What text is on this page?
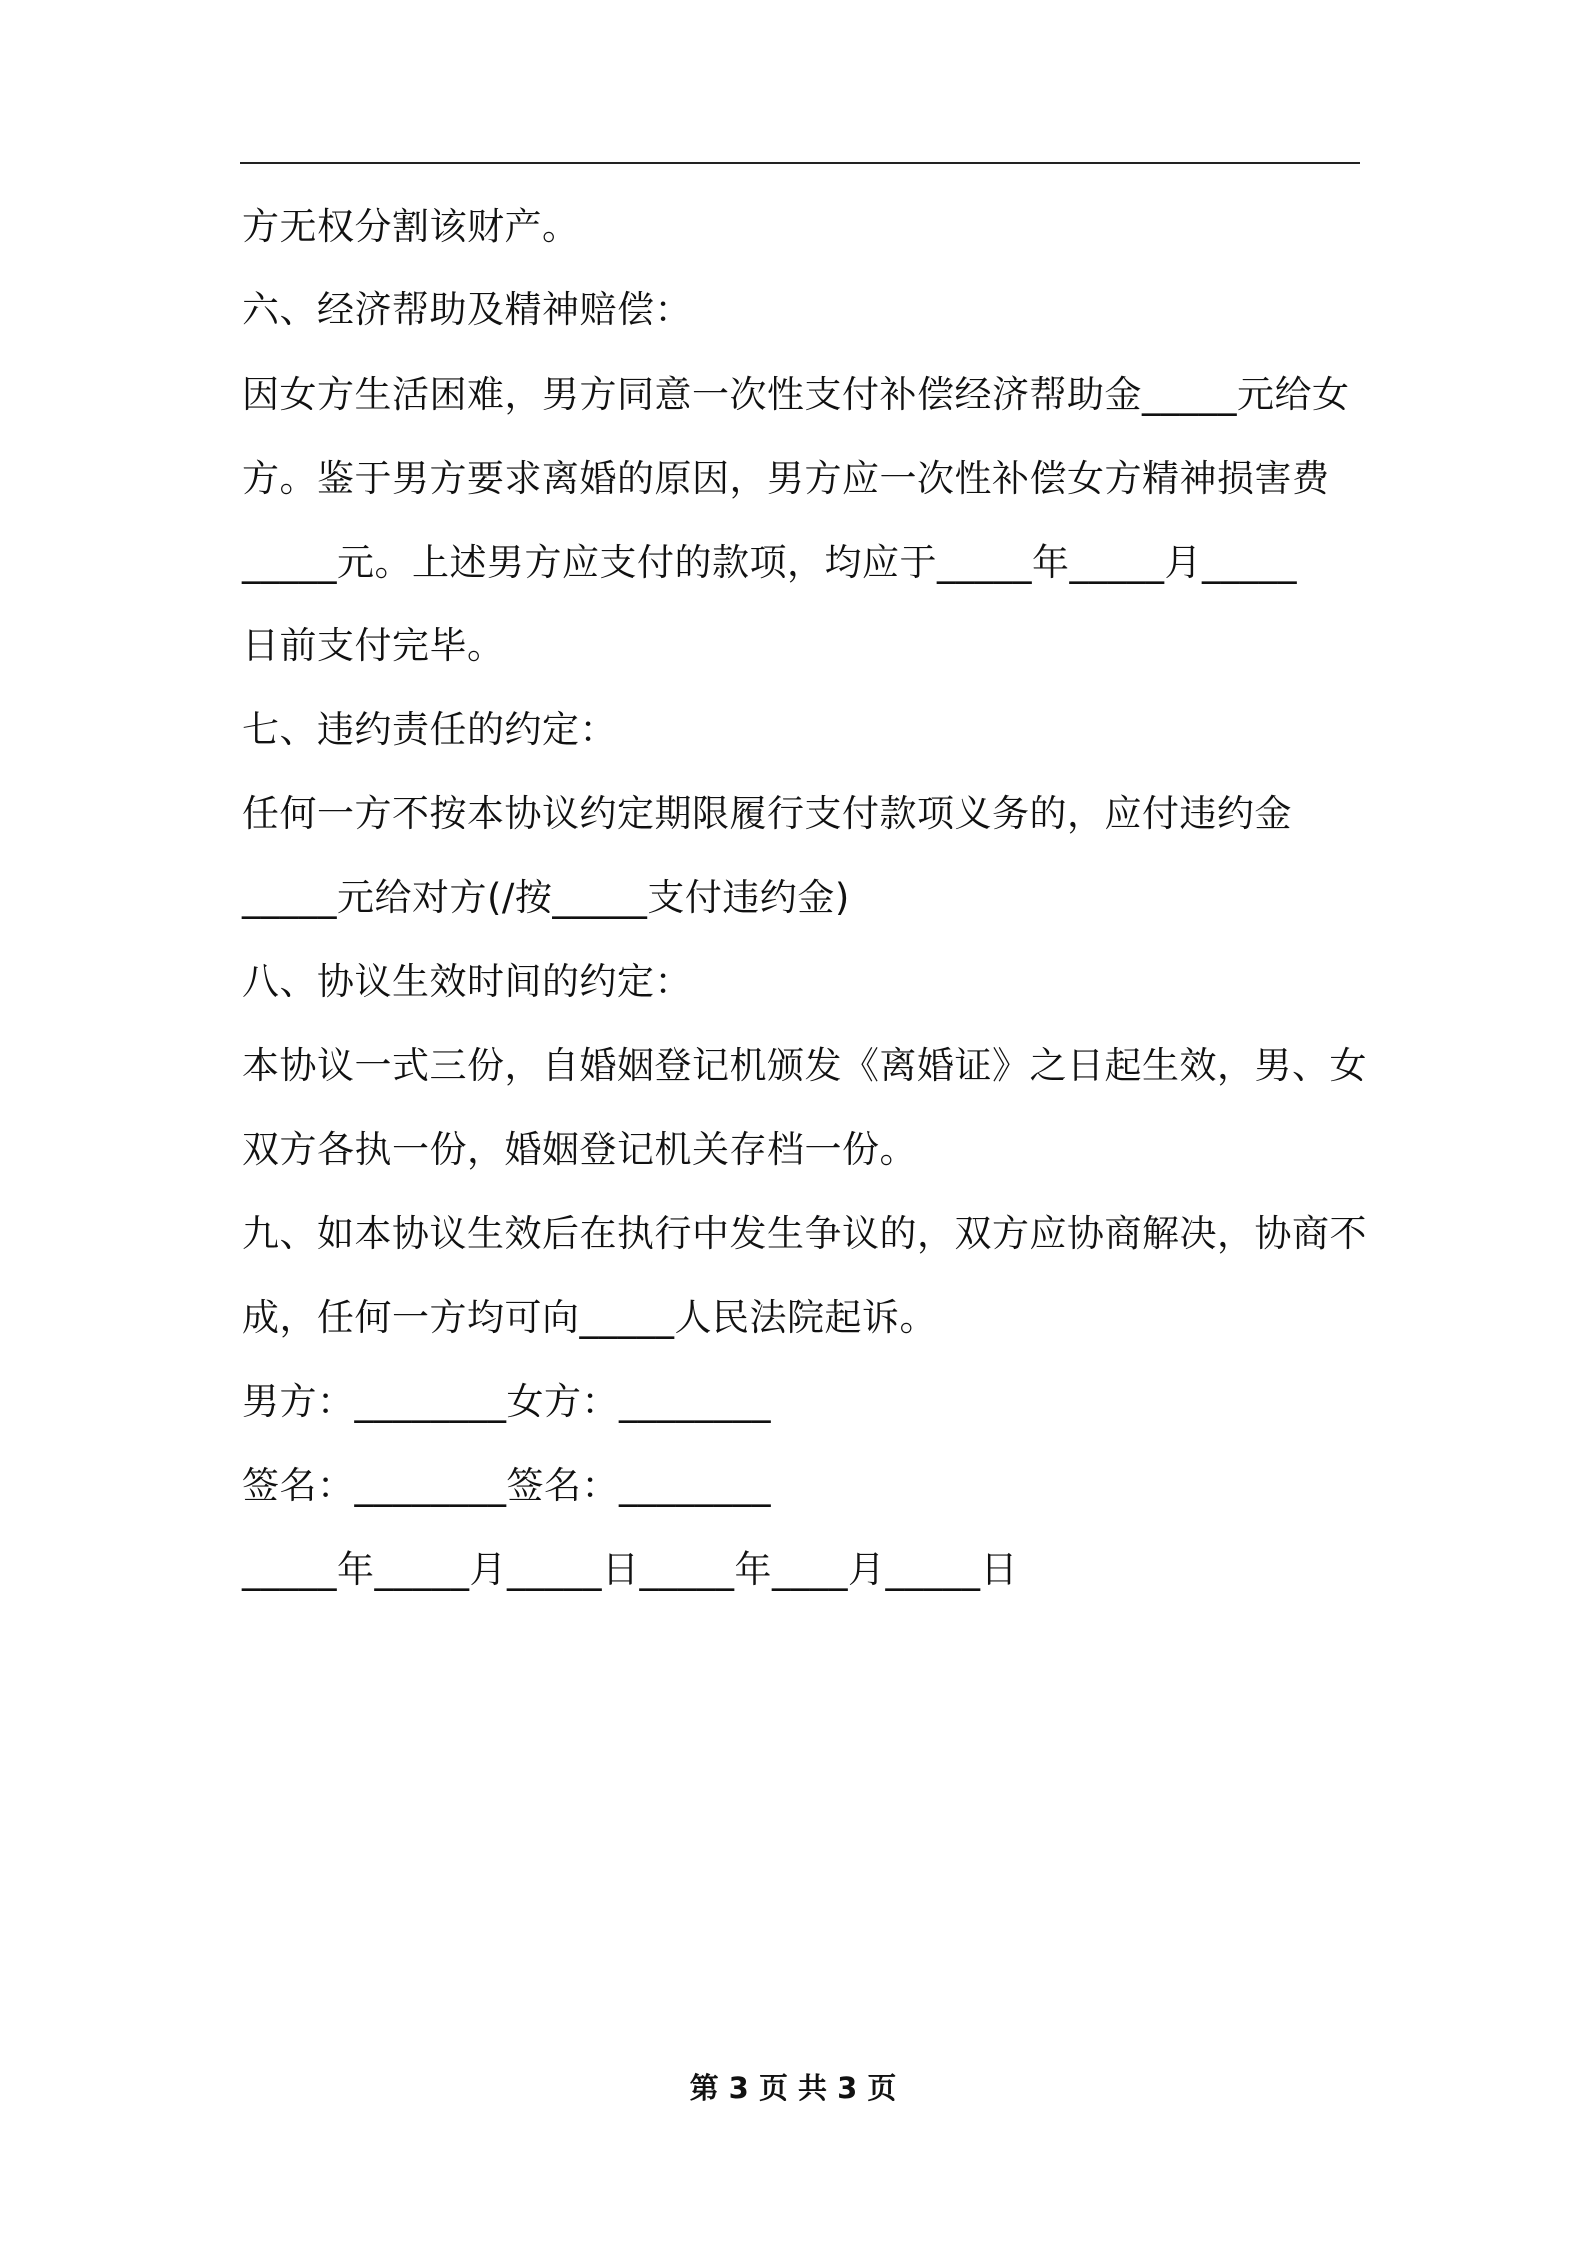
方无权分割该财产。
六、经济帮助及精神赔偿：
因女方生活困难，男方同意一次性支付补偿经济帮助金_____元给女
方。鉴于男方要求离婚的原因，男方应一次性补偿女方精神损害费
_____元。上述男方应支付的款项，均应于_____年_____月_____
日前支付完毕。
七、违约责任的约定：
任何一方不按本协议约定期限履行支付款项义务的，应付违约金
_____元给对方(/按_____支付违约金)
八、协议生效时间的约定：
本协议一式三份，自婚姻登记机颁发《离婚证》之日起生效，男、女
双方各执一份，婚姻登记机关存档一份。
九、如本协议生效后在执行中发生争议的，双方应协商解决，协商不
成，任何一方均可向_____人民法院起诉。
男方：________女方：________
签名：________签名：________
_____年_____月_____日_____年____月_____日
第 3 页 共 3 页
